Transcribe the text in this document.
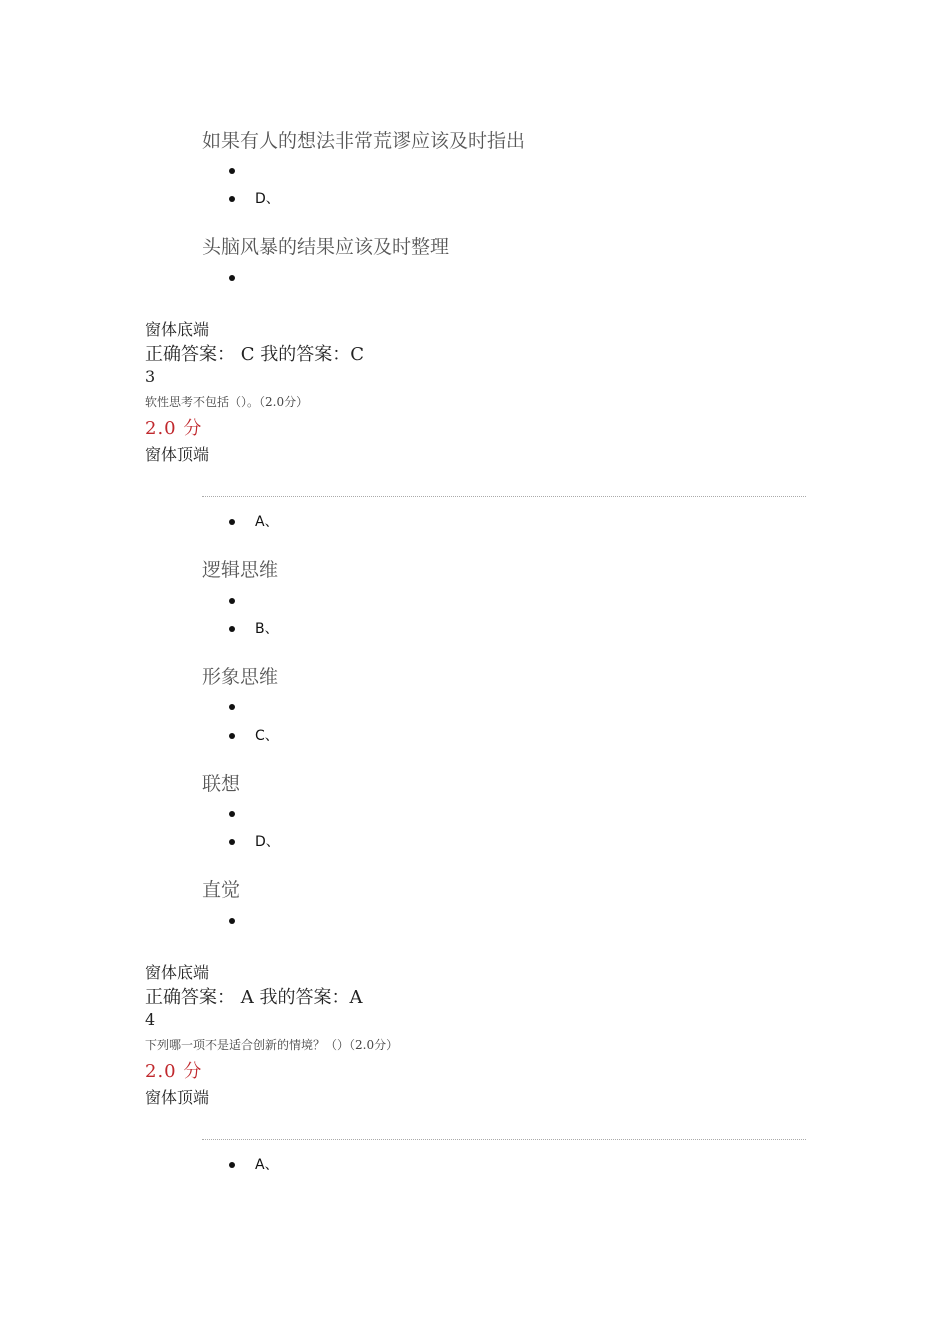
如果有人的想法非常荒谬应该及时指出
D、
头脑风暴的结果应该及时整理
窗体底端
正确答案： C 我的答案：C
3
软性思考不包括（）。（2.0分）
2.0 分
窗体顶端
A、
逻辑思维
B、
形象思维
C、
联想
D、
直觉
窗体底端
正确答案： A 我的答案：A
4
下列哪一项不是适合创新的情境？（）（2.0分）
2.0 分
窗体顶端
A、
